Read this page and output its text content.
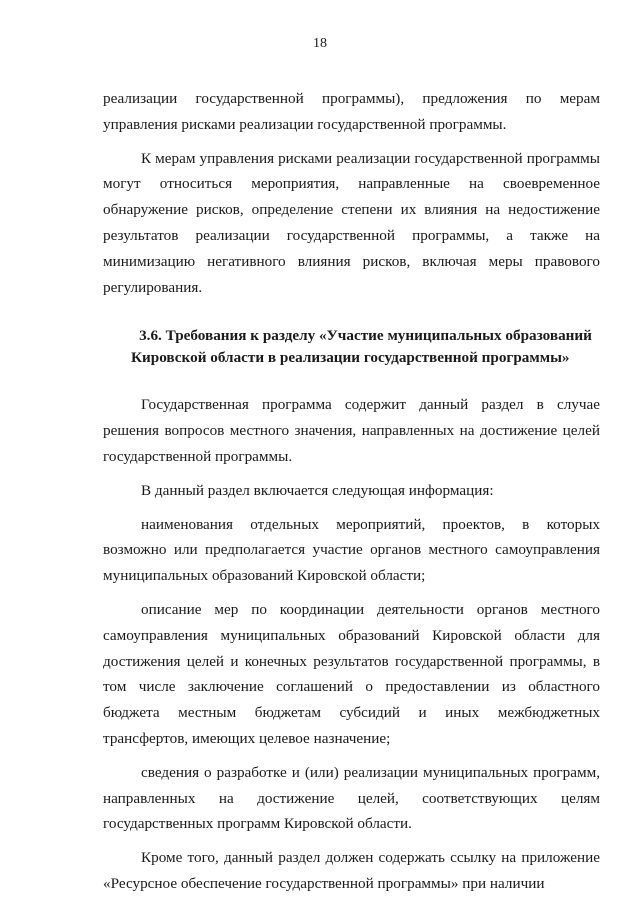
18

реализации государственной программы), предложения по мерам управления рисками реализации государственной программы.

К мерам управления рисками реализации государственной программы могут относиться мероприятия, направленные на своевременное обнаружение рисков, определение степени их влияния на недостижение результатов реализации государственной программы, а также на минимизацию негативного влияния рисков, включая меры правового регулирования.

3.6. Требования к разделу «Участие муниципальных образований Кировской области в реализации государственной программы»

Государственная программа содержит данный раздел в случае решения вопросов местного значения, направленных на достижение целей государственной программы.

В данный раздел включается следующая информация:

наименования отдельных мероприятий, проектов, в которых возможно или предполагается участие органов местного самоуправления муниципальных образований Кировской области;

описание мер по координации деятельности органов местного самоуправления муниципальных образований Кировской области для достижения целей и конечных результатов государственной программы, в том числе заключение соглашений о предоставлении из областного бюджета местным бюджетам субсидий и иных межбюджетных трансфертов, имеющих целевое назначение;

сведения о разработке и (или) реализации муниципальных программ, направленных на достижение целей, соответствующих целям государственных программ Кировской области.

Кроме того, данный раздел должен содержать ссылку на приложение «Ресурсное обеспечение государственной программы» при наличии
